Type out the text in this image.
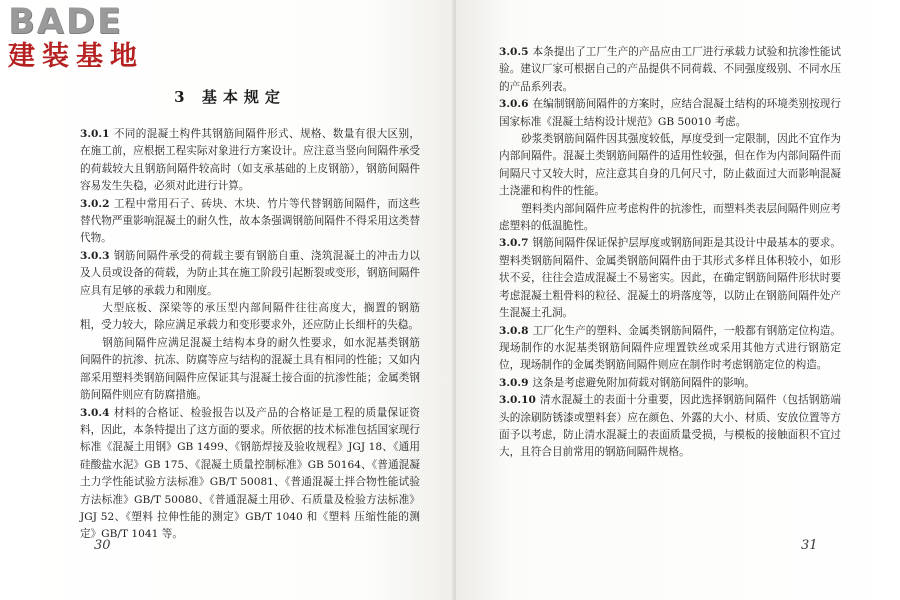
3 基本规定

3.0.1 不同的混凝土构件其钢筋间隔件形式、规格、数量有很大区别，在施工前，应根据工程实际对象进行方案设计。应注意当竖向间隔件承受的荷载较大且钢筋间隔件较高时（如支承基础的上皮钢筋），钢筋间隔件容易发生失稳，必须对此进行计算。

3.0.2 工程中常用石子、砖块、木块、竹片等代替钢筋间隔件，而这些替代物严重影响混凝土的耐久性，故本条强调钢筋间隔件不得采用这类替代物。

3.0.3 钢筋间隔件承受的荷载主要有钢筋自重、浇筑混凝土的冲击力以及人员或设备的荷载，为防止其在施工阶段引起断裂或变形，钢筋间隔件应具有足够的承载力和刚度。

大型底板、深梁等的承压型内部间隔件往往高度大，搁置的钢筋粗，受力较大，除应满足承载力和变形要求外，还应防止长细杆的失稳。

钢筋间隔件应满足混凝土结构本身的耐久性要求，如水泥基类钢筋间隔件的抗渗、抗冻、防腐等应与结构的混凝土具有相同的性能；又如内部采用塑料类钢筋间隔件应保证其与混凝土接合面的抗渗性能；金属类钢筋间隔件则应有防腐措施。

3.0.4 材料的合格证、检验报告以及产品的合格证是工程的质量保证资料，因此，本条特提出了这方面的要求。所依据的技术标准包括国家现行标准《混凝土用钢》GB 1499、《钢筋焊接及验收规程》JGJ 18、《通用硅酸盐水泥》GB 175、《混凝土质量控制标准》GB 50164、《普通混凝土力学性能试验方法标准》GB/T 50081、《普通混凝土拌合物性能试验方法标准》GB/T 50080、《普通混凝土用砂、石质量及检验方法标准》JGJ 52、《塑料 拉伸性能的测定》GB/T 1040 和《塑料 压缩性能的测定》GB/T 1041 等。

30	31

3.0.5 本条提出了工厂生产的产品应由工厂进行承载力试验和抗渗性能试验。建议厂家可根据自己的产品提供不同荷载、不同强度级别、不同水压的产品系列表。

3.0.6 在编制钢筋间隔件的方案时，应结合混凝土结构的环境类别按现行国家标准《混凝土结构设计规范》GB 50010 考虑。

砂浆类钢筋间隔件因其强度较低，厚度受到一定限制，因此不宜作为内部间隔件。混凝土类钢筋间隔件的适用性较强，但在作为内部间隔件而间隔尺寸又较大时，应注意其自身的几何尺寸，防止截面过大而影响混凝土浇灌和构件的性能。

塑料类内部间隔件应考虑构件的抗渗性，而塑料类表层间隔件则应考虑塑料的低温脆性。

3.0.7 钢筋间隔件保证保护层厚度或钢筋间距是其设计中最基本的要求。塑料类钢筋间隔件、金属类钢筋间隔件由于其形式多样且体积较小，如形状不妥，往往会造成混凝土不易密实。因此，在确定钢筋间隔件形状时要考虑混凝土粗骨料的粒径、混凝土的坍落度等，以防止在钢筋间隔件处产生混凝土孔洞。

3.0.8 工厂化生产的塑料、金属类钢筋间隔件，一般都有钢筋定位构造。现场制作的水泥基类钢筋间隔件应埋置铁丝或采用其他方式进行钢筋定位，现场制作的金属类钢筋间隔件则应在制作时考虑钢筋定位的构造。

3.0.9 这条是考虑避免附加荷载对钢筋间隔件的影响。

3.0.10 清水混凝土的表面十分重要，因此选择钢筋间隔件（包括钢筋端头的涂刷防锈漆或塑料套）应在颜色、外露的大小、材质、安放位置等方面予以考虑，防止清水混凝土的表面质量受损，与模板的接触面积不宜过大，且符合目前常用的钢筋间隔件规格。

BADE
建装基地
